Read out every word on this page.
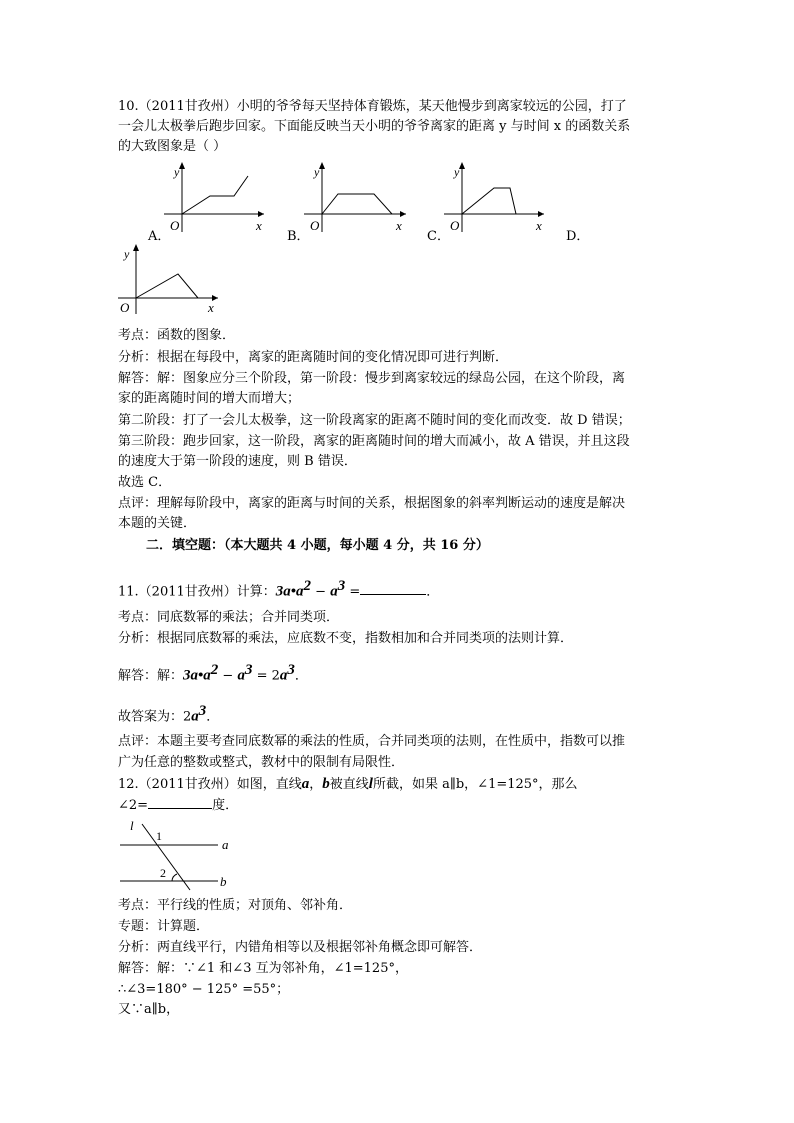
10.（2011甘孜州）小明的爷爷每天坚持体育锻炼，某天他慢步到离家较远的公园，打了
一会儿太极拳后跑步回家。下面能反映当天小明的爷爷离家的距离 y 与时间 x 的函数关系
的大致图象是（ ）
y
O	x
A．
y
O	x
B．
y
O	x
C．	D．
y
O	x
考点：函数的图象．
分析：根据在每段中，离家的距离随时间的变化情况即可进行判断．
解答：解：图象应分三个阶段，第一阶段：慢步到离家较远的绿岛公园，在这个阶段，离
家的距离随时间的增大而增大；
第二阶段：打了一会儿太极拳，这一阶段离家的距离不随时间的变化而改变．故 D 错误；
第三阶段：跑步回家，这一阶段，离家的距离随时间的增大而减小，故 A 错误，并且这段
的速度大于第一阶段的速度，则 B 错误．
故选 C．
点评：理解每阶段中，离家的距离与时间的关系，根据图象的斜率判断运动的速度是解决
本题的关键．
二．填空题：（本大题共 4 小题，每小题 4 分，共 16 分）
11.（2011甘孜州）计算：$3a•a^2 - a^3$ =	．
考点：同底数幂的乘法；合并同类项．
分析：根据同底数幂的乘法，应底数不变，指数相加和合并同类项的法则计算．
解答：解：$3a•a^2 - a^3 = 2a^3$．
故答案为：$2a^3$．
点评：本题主要考查同底数幂的乘法的性质，合并同类项的法则，在性质中，指数可以推
广为任意的整数或整式，教材中的限制有局限性．
12.（2011甘孜州）如图，直线a，b被直线l所截，如果 a∥b，∠1=125°，那么
∠2=	度．
l
1
2
a
b
考点：平行线的性质；对顶角、邻补角．
专题：计算题．
分析：两直线平行，内错角相等以及根据邻补角概念即可解答．
解答：解：∵∠1 和∠3 互为邻补角，∠1=125°，
∴∠3=180° − 125° =55°；
又∵a∥b，
